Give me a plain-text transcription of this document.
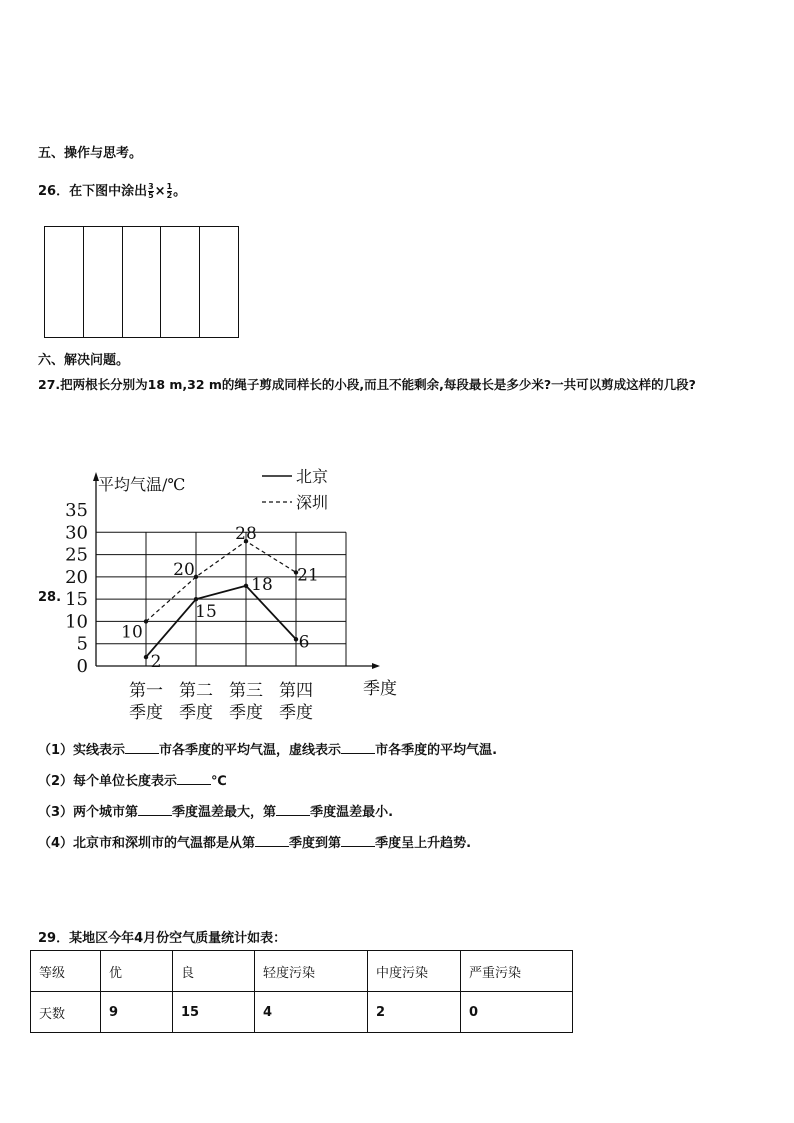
五、操作与思考。
26．在下图中涂出 $\frac{3}{5} \times \frac{1}{2}$ 。
六、解决问题。
27.把两根长分别为18 m,32 m的绳子剪成同样长的小段,而且不能剩余,每段最长是多少米?一共可以剪成这样的几段?
28.
0
5
10
15
20
25
30
35
平均气温/℃
季度
第一
季度
第二
季度
第三
季度
第四
季度
2
15
18
6
10
20
28
21
北京
深圳
（1）实线表示	市各季度的平均气温，虚线表示	市各季度的平均气温.
（2）每个单位长度表示	℃
（3）两个城市第	季度温差最大，第	季度温差最小.
（4）北京市和深圳市的气温都是从第	季度到第	季度呈上升趋势.
29．某地区今年4月份空气质量统计如表：
等级	优	良	轻度污染	中度污染	严重污染
天数	9	15	4	2	0
